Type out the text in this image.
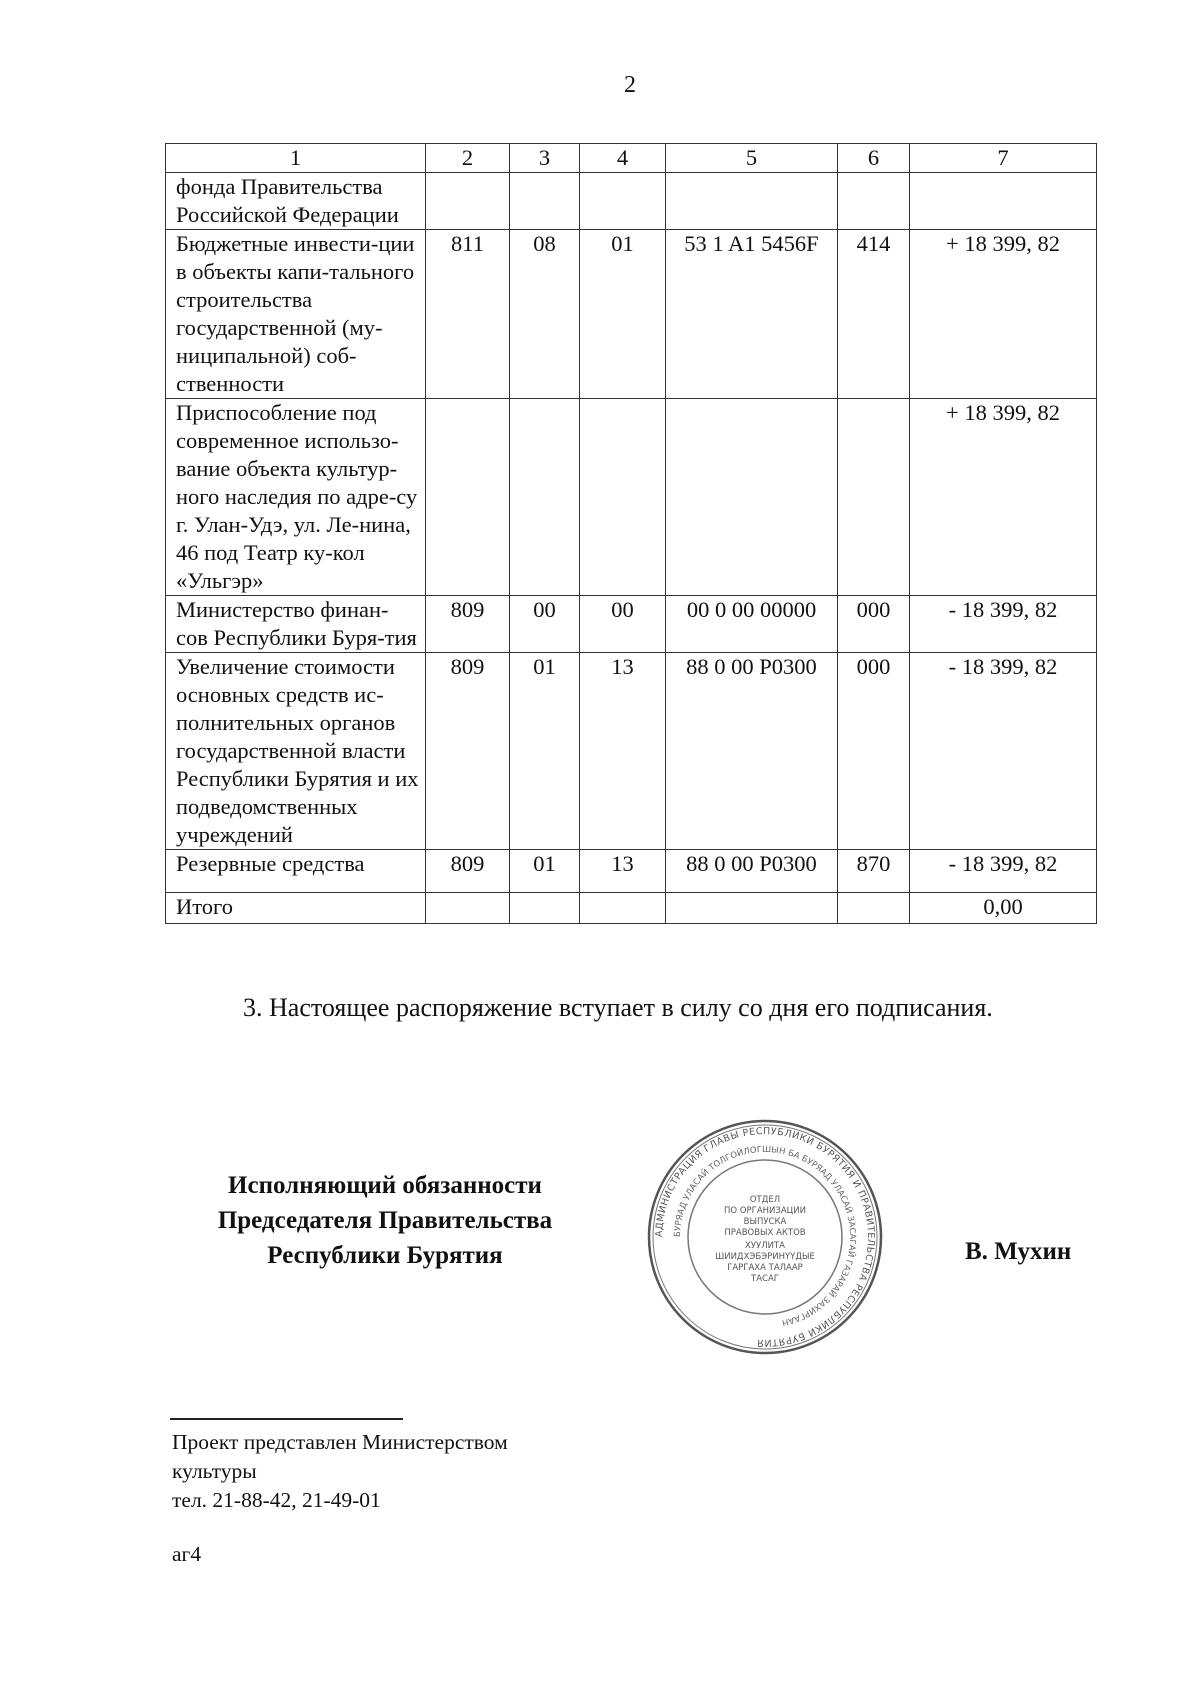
2
1	2	3	4	5	6	7
фонда Правительства Российской Федерации						
Бюджетные инвести-ции в объекты капи-тального строительства государственной (му-ниципальной) соб-ственности	811	08	01	53 1 A1 5456F	414	+ 18 399, 82
Приспособление под современное использо-вание объекта культур-ного наследия по адре-су г. Улан-Удэ, ул. Ле-нина, 46 под Театр ку-кол «Ульгэр»						+ 18 399, 82
Министерство финан-сов Республики Буря-тия	809	00	00	00 0 00 00000	000	- 18 399, 82
Увеличение стоимости основных средств ис-полнительных органов государственной власти Республики Бурятия и их подведомственных учреждений	809	01	13	88 0 00 P0300	000	- 18 399, 82
Резервные средства	809	01	13	88 0 00 P0300	870	- 18 399, 82
Итого						0,00
3. Настоящее распоряжение вступает в силу со дня его подписания.
Исполняющий обязанности
Председателя Правительства
Республики Бурятия
АДМИНИСТРАЦИЯ ГЛАВЫ РЕСПУБЛИКИ БУРЯТИЯ И ПРАВИТЕЛЬСТВА РЕСПУБЛИКИ БУРЯТИЯ
БУРЯАД УЛАСАЙ ТОЛГОЙЛОГШЫН БА БУРЯАД УЛАСАЙ ЗАСАГАЙ ГАЗАРАЙ ЗАХИРГААН
ОТДЕЛ
ПО ОРГАНИЗАЦИИ
ВЫПУСКА
ПРАВОВЫХ АКТОВ
ХУУЛИТА
ШИИДХЭБЭРИНҮҮДЫЕ
ГАРГАХА ТАЛААР
ТАСАГ
В. Мухин
Проект представлен Министерством
культуры
тел. 21-88-42, 21-49-01
аг4
